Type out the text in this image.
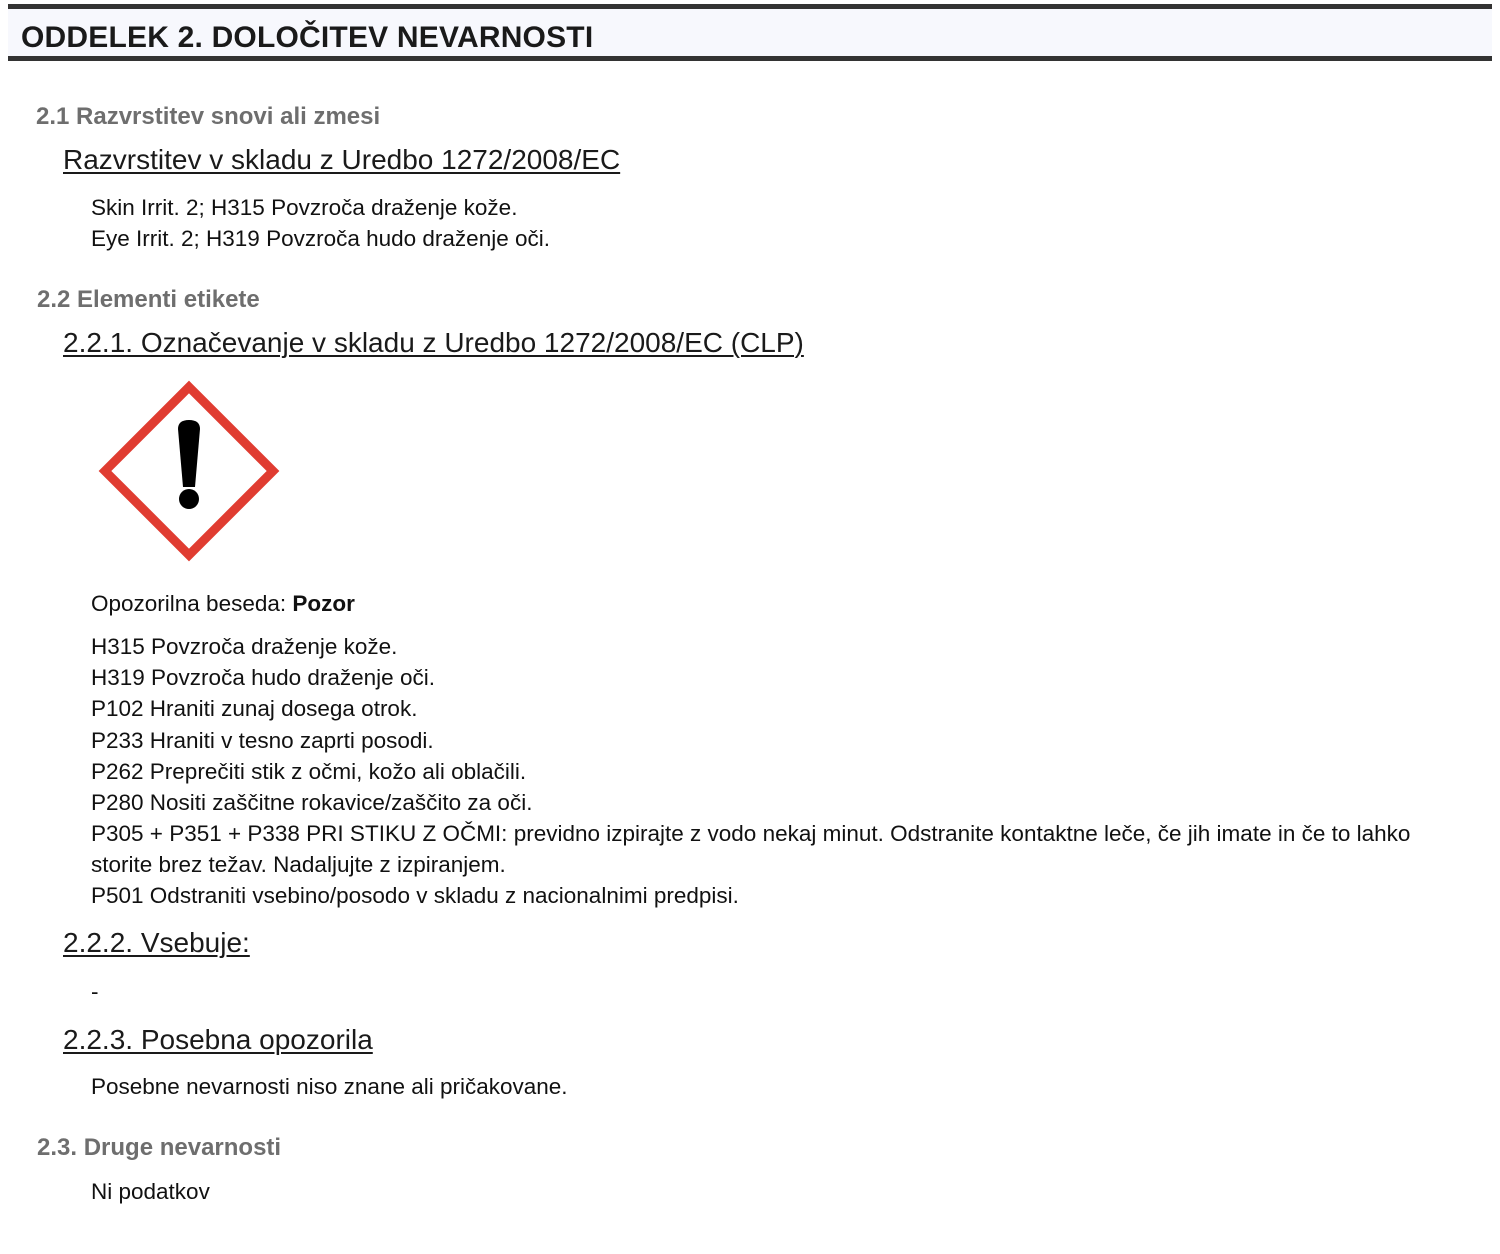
ODDELEK 2. DOLOČITEV NEVARNOSTI
2.1 Razvrstitev snovi ali zmesi
Razvrstitev v skladu z Uredbo 1272/2008/EC
Skin Irrit. 2; H315 Povzroča draženje kože.
Eye Irrit. 2; H319 Povzroča hudo draženje oči.
2.2 Elementi etikete
2.2.1. Označevanje v skladu z Uredbo 1272/2008/EC (CLP)
Opozorilna beseda: Pozor
H315 Povzroča draženje kože.
H319 Povzroča hudo draženje oči.
P102 Hraniti zunaj dosega otrok.
P233 Hraniti v tesno zaprti posodi.
P262 Preprečiti stik z očmi, kožo ali oblačili.
P280 Nositi zaščitne rokavice/zaščito za oči.
P305 + P351 + P338 PRI STIKU Z OČMI: previdno izpirajte z vodo nekaj minut. Odstranite kontaktne leče, če jih imate in če to lahko storite brez težav. Nadaljujte z izpiranjem.
P501 Odstraniti vsebino/posodo v skladu z nacionalnimi predpisi.
2.2.2. Vsebuje:
-
2.2.3. Posebna opozorila
Posebne nevarnosti niso znane ali pričakovane.
2.3. Druge nevarnosti
Ni podatkov
